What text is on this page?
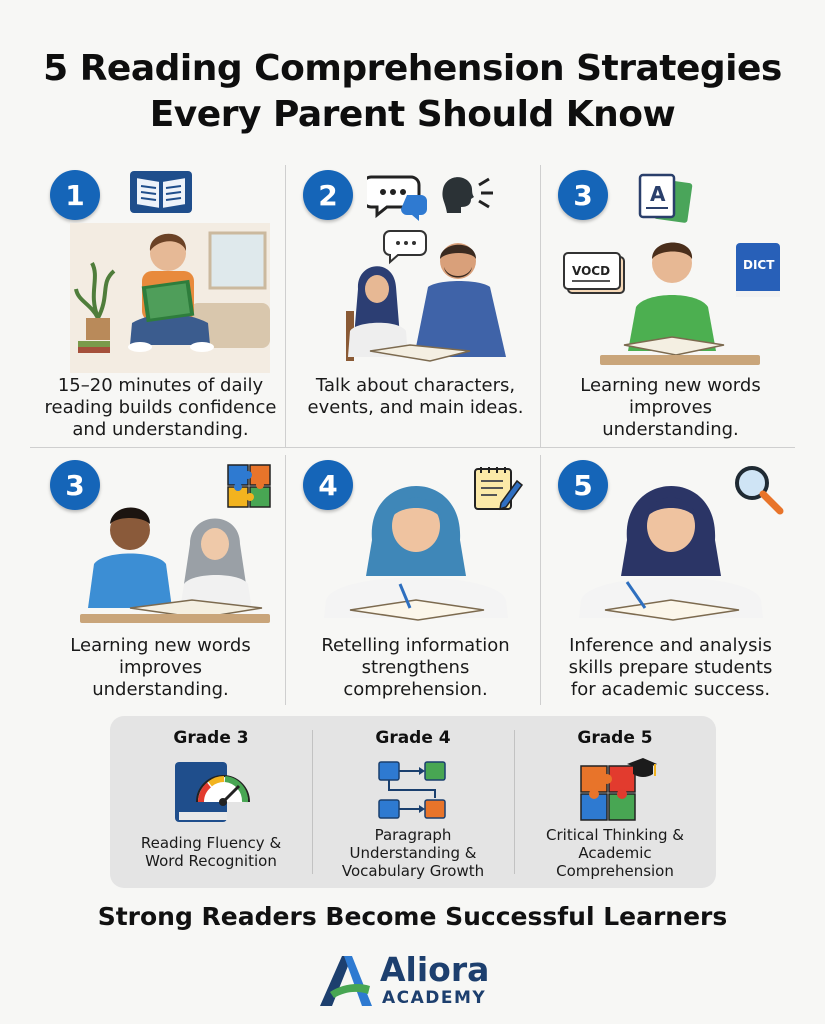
5 Reading Comprehension Strategies
Every Parent Should Know
1
15–20 minutes of daily
reading builds confidence
and understanding.
2
Talk about characters,
events, and main ideas.
3	A
VOCD	DICT
Learning new words
improves
understanding.
3
Learning new words
improves
understanding.
4
Retelling information
strengthens
comprehension.
5
Inference and analysis
skills prepare students
for academic success.
Grade 3
Reading Fluency &
Word Recognition
Grade 4
Paragraph
Understanding &
Vocabulary Growth
Grade 5
Critical Thinking &
Academic
Comprehension
Strong Readers Become Successful Learners
Aliora
ACADEMY
